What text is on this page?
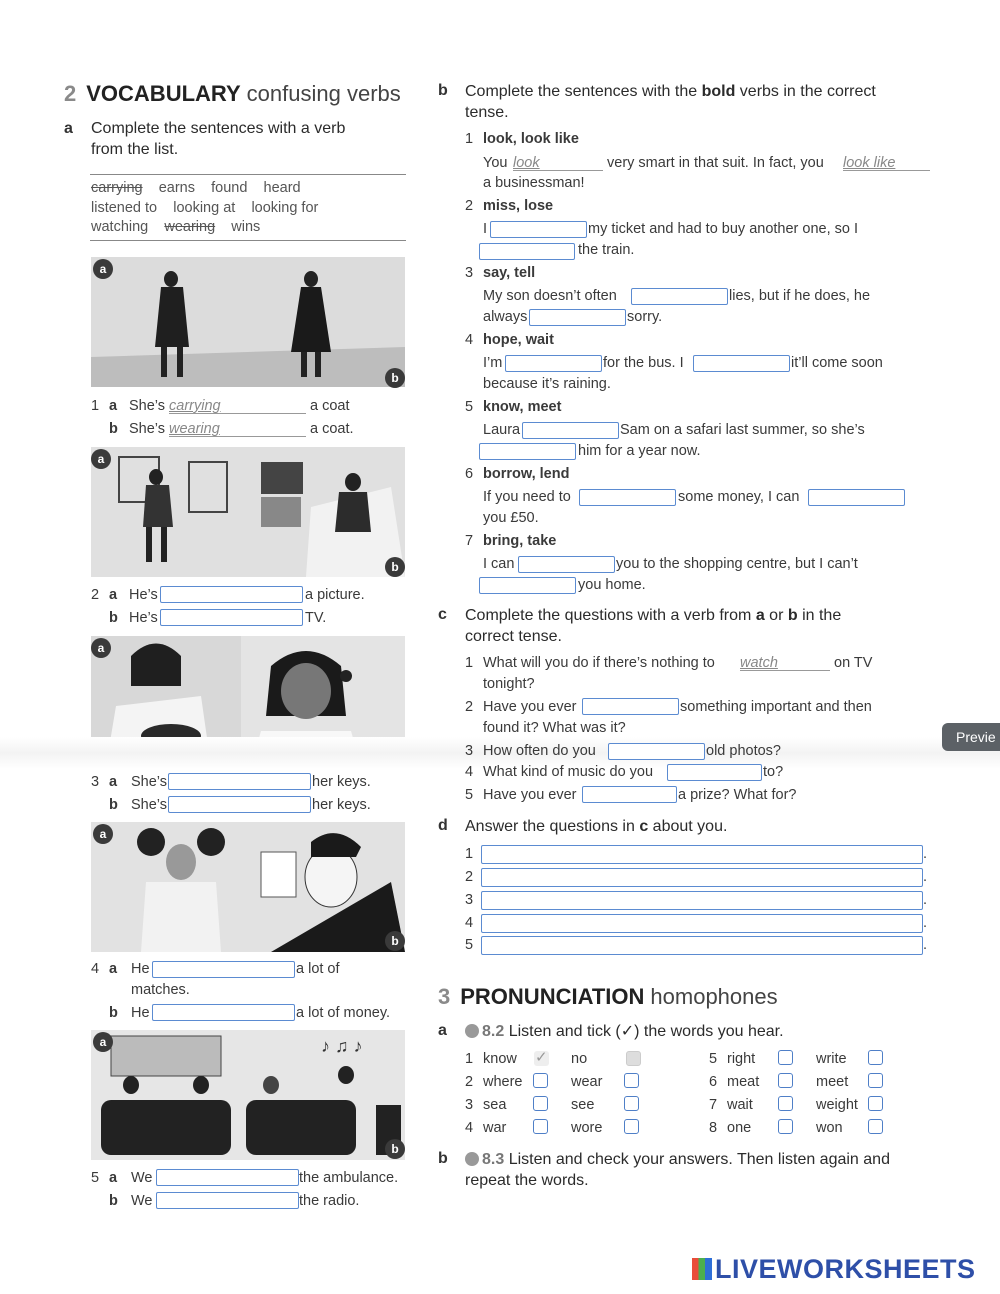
2 VOCABULARY confusing verbs
a Complete the sentences with a verb
from the list.
carrying earns found heard
listened to looking at looking for
watching wearing wins
a
b
1 a She’s carrying	a coat
b She’s wearing	a coat.
a
b
2 a He’s	a picture.
b He’s	TV.
a
3 a She’s	her keys.
b She’s	her keys.
a
b
4 a He	a lot of
matches.
b He	a lot of money.
♪ ♫ ♪
a
b
5 a We	the ambulance.
b We	the radio.
b Complete the sentences with the bold verbs in the correct
tense.
1 look, look like
You look	very smart in that suit. In fact, you look like
a businessman!
2 miss, lose
I	my ticket and had to buy another one, so I
the train.
3 say, tell
My son doesn’t often	lies, but if he does, he
always	sorry.
4 hope, wait
I’m	for the bus. I	it’ll come soon
because it’s raining.
5 know, meet
Laura	Sam on a safari last summer, so she’s
him for a year now.
6 borrow, lend
If you need to	some money, I can
you £50.
7 bring, take
I can	you to the shopping centre, but I can’t
you home.
c Complete the questions with a verb from a or b in the
correct tense.
1 What will you do if there’s nothing to watch	on TV
tonight?
2 Have you ever	something important and then
found it? What was it?
3 How often do you	old photos?
4 What kind of music do you	to?
5 Have you ever	a prize? What for?
d Answer the questions in c about you.
1	.
2	.
3	.
4	.
5	.
3 PRONUNCIATION homophones
a	8.2 Listen and tick (✓) the words you hear.
1 know ✓ no
2 where	wear
3 sea	see
4 war	wore
5 right	write
6 meat	meet
7 wait	weight
8 one	won
b	8.3 Listen and check your answers. Then listen again and
repeat the words.
Previe
LIVEWORKSHEETS
